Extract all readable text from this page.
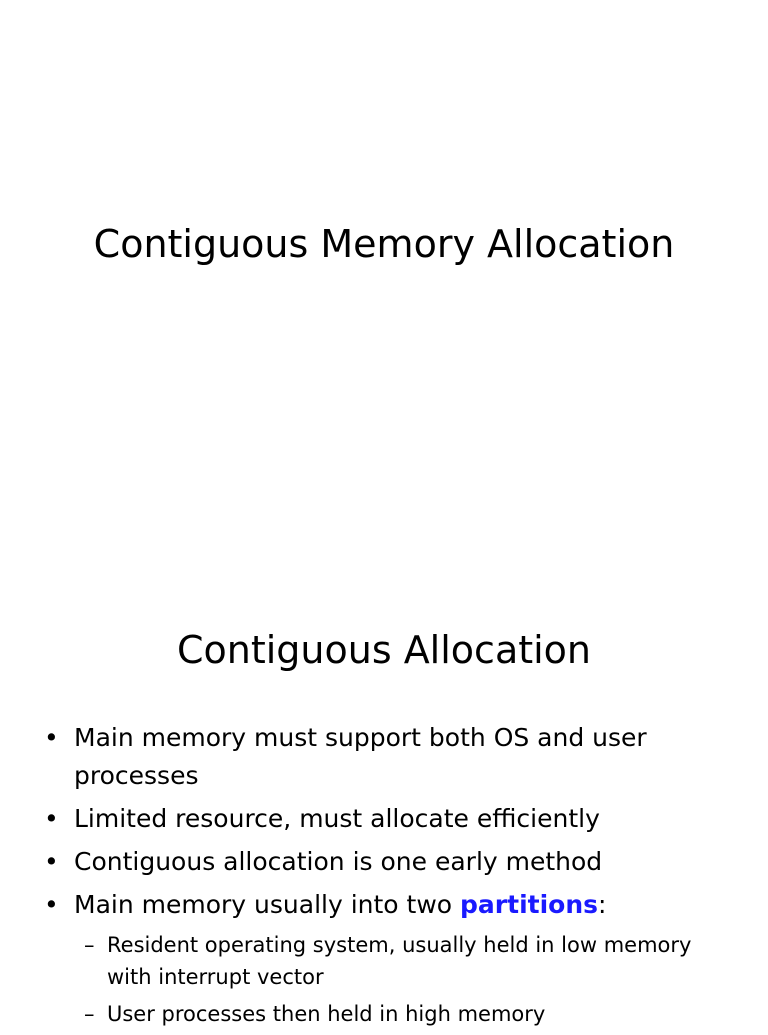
Contiguous Memory Allocation
Contiguous Allocation
• Main memory must support both OS and user processes
• Limited resource, must allocate efficiently
• Contiguous allocation is one early method
• Main memory usually into two partitions:
– Resident operating system, usually held in low memory with interrupt vector
– User processes then held in high memory
